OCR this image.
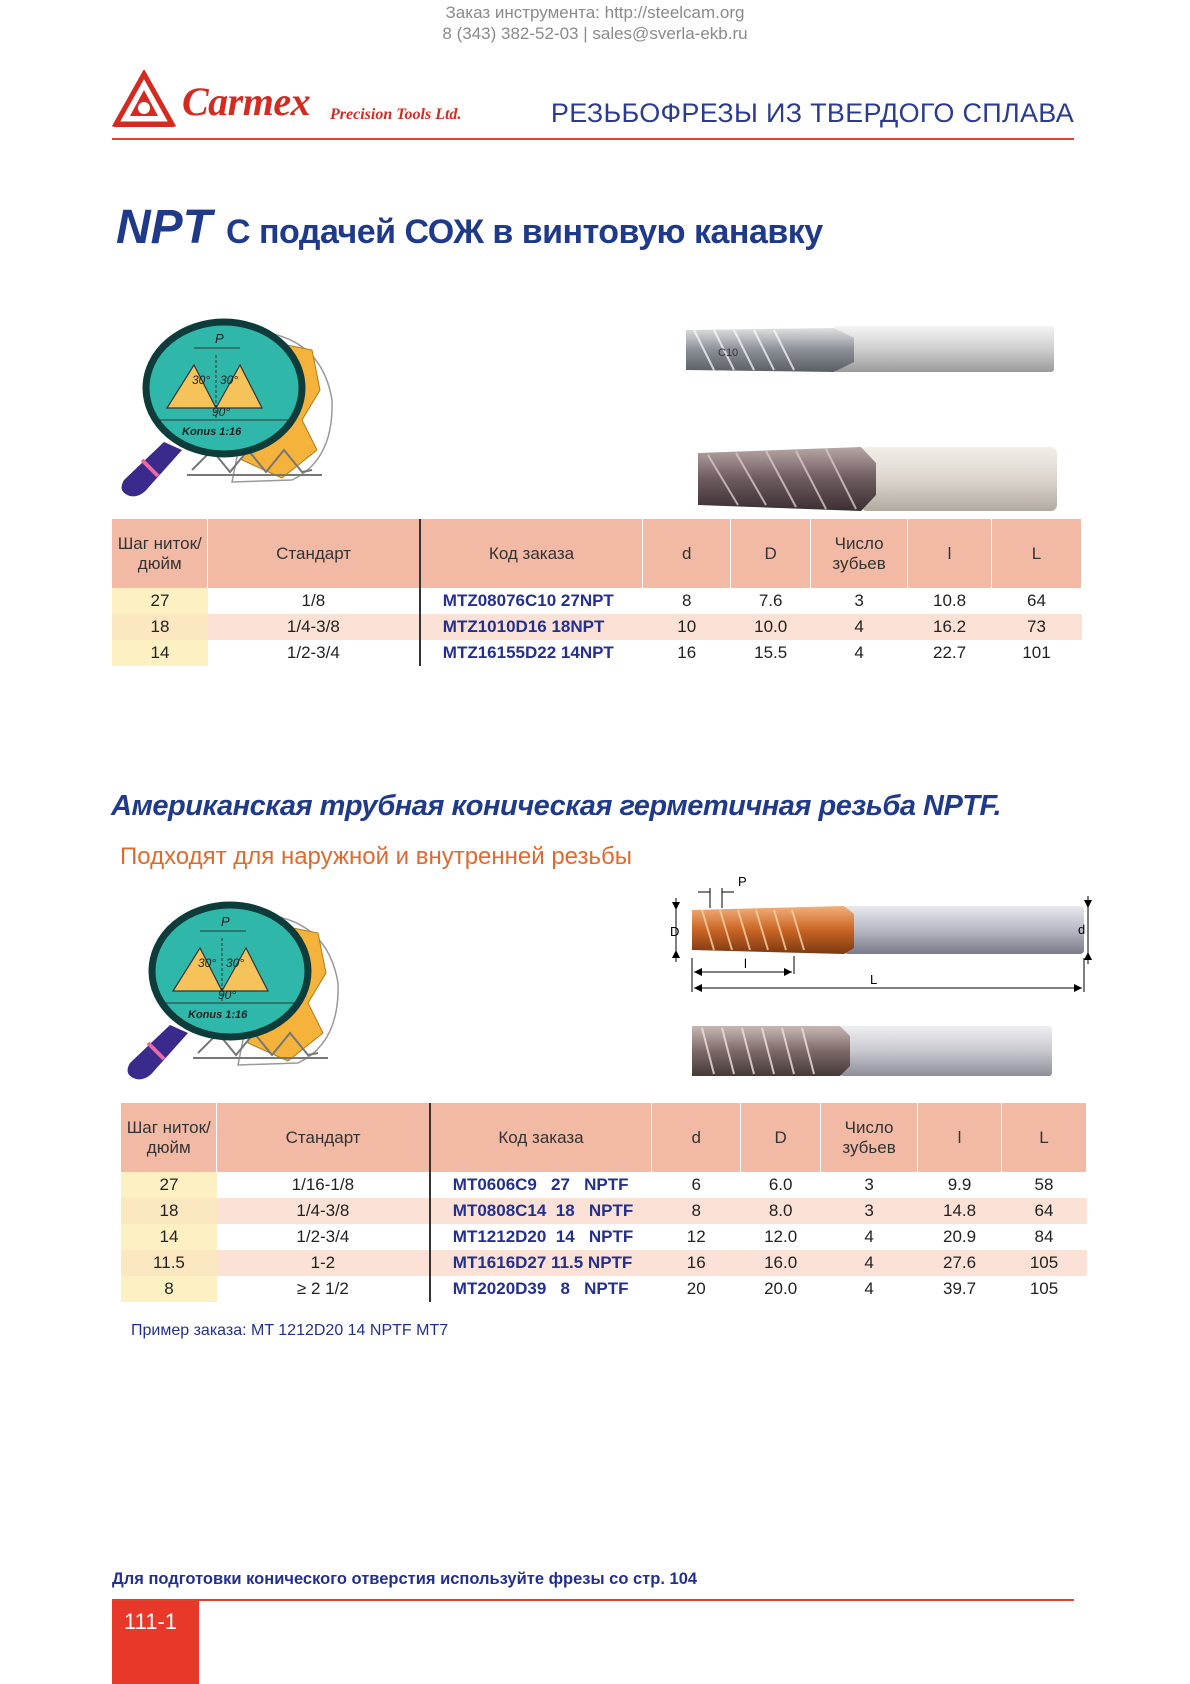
Заказ инструмента: http://steelcam.org
8 (343) 382-52-03 | sales@sverla-ekb.ru
Carmex Precision Tools Ltd.	РЕЗЬБОФРЕЗЫ ИЗ ТВЕРДОГО СПЛАВА
NPT С подачей СОЖ в винтовую канавку
P
30° 30°
90°
Konus 1:16
C10
Шаг ниток/ дюйм	Стандарт	Код заказа	d	D	Число зубьев	l	L
27	1/8	MTZ08076C10 27NPT	8	7.6	3	10.8	64
18	1/4-3/8	MTZ1010D16 18NPT	10	10.0	4	16.2	73
14	1/2-3/4	MTZ16155D22 14NPT	16	15.5	4	22.7	101
Американская трубная коническая герметичная резьба NPTF.
Подходят для наружной и внутренней резьбы
P
30° 30°
90°
Konus 1:16
P
D	d
l
L
Шаг ниток/ дюйм	Стандарт	Код заказа	d	D	Число зубьев	l	L
27	1/16-1/8	MT0606C9   27   NPTF	6	6.0	3	9.9	58
18	1/4-3/8	MT0808C14  18   NPTF	8	8.0	3	14.8	64
14	1/2-3/4	MT1212D20  14   NPTF	12	12.0	4	20.9	84
11.5	1-2	MT1616D27 11.5 NPTF	16	16.0	4	27.6	105
8	≥ 2 1/2	MT2020D39   8   NPTF	20	20.0	4	39.7	105
Пример заказа: MT 1212D20 14 NPTF MT7
Для подготовки конического отверстия используйте фрезы со стр. 104
111-1
